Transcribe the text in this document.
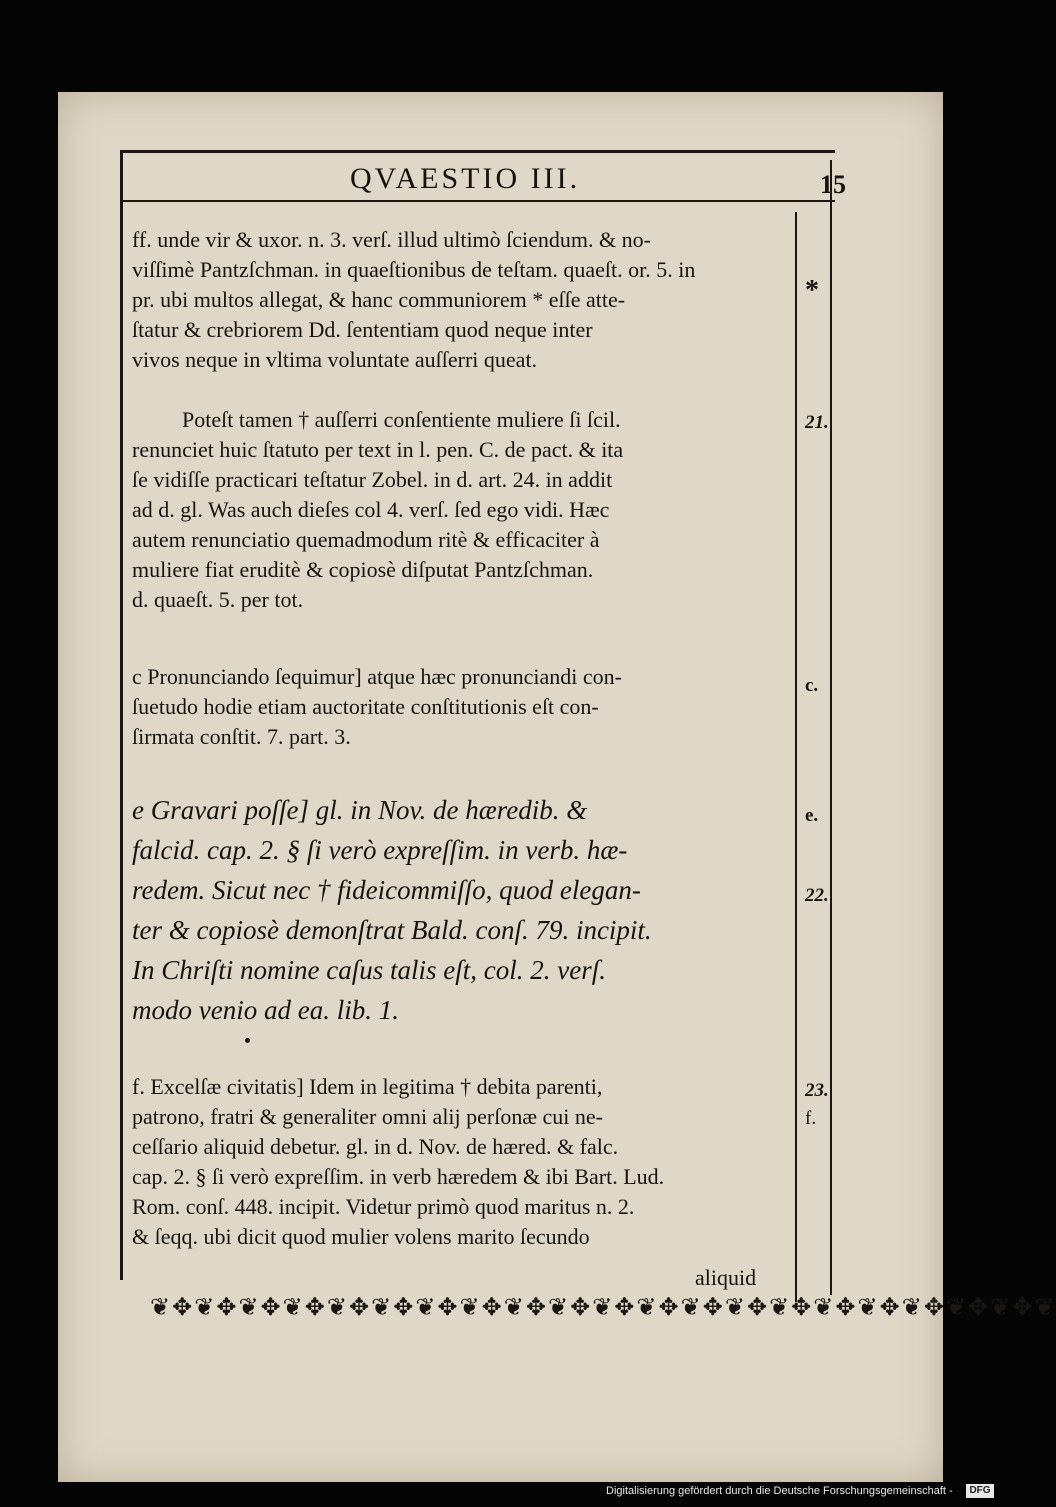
QVAESTIO III.	15
ff. unde vir & uxor. n. 3. verſ. illud ultimò ſciendum. & no-
viſſimè Pantzſchman. in quaeſtionibus de teſtam. quaeſt. or. 5. in
pr. ubi multos allegat, & hanc communiorem * eſſe atte-
ſtatur & crebriorem Dd. ſententiam quod neque inter
vivos neque in vltima voluntate auſſerri queat.
Poteſt tamen † auſſerri conſentiente muliere ſi ſcil.
renunciet huic ſtatuto per text in l. pen. C. de pact. & ita
ſe vidiſſe practicari teſtatur Zobel. in d. art. 24. in addit
ad d. gl. Was auch dieſes col 4. verſ. ſed ego vidi. Hæc
autem renunciatio quemadmodum ritè & efficaciter à
muliere fiat eruditè & copiosè diſputat Pantzſchman.
d. quaeſt. 5. per tot.
c Pronunciando ſequimur] atque hæc pronunciandi con-
ſuetudo hodie etiam auctoritate conſtitutionis eſt con-
ſirmata conſtit. 7. part. 3.
e Gravari poſſe] gl. in Nov. de hæredib. &
falcid. cap. 2. § ſi verò expreſſim. in verb. hæ-
redem. Sicut nec † fideicommiſſo, quod elegan-
ter & copiosè demonſtrat Bald. conſ. 79. incipit.
In Chriſti nomine caſus talis eſt, col. 2. verſ.
modo venio ad ea. lib. 1.
f. Excelſæ civitatis] Idem in legitima † debita parenti,
patrono, fratri & generaliter omni alij perſonæ cui ne-
ceſſario aliquid debetur. gl. in d. Nov. de hæred. & falc.
cap. 2. § ſi verò expreſſim. in verb hæredem & ibi Bart. Lud.
Rom. conſ. 448. incipit. Videtur primò quod maritus n. 2.
& ſeqq. ubi dicit quod mulier volens marito ſecundo
*
21.
c.
e.
22.
23.
f.
aliquid
❦✥❦✥❦✥❦✥❦✥❦✥❦✥❦✥❦✥❦✥❦✥❦✥❦✥❦✥❦✥❦✥❦✥❦✥❦✥❦✥❦
Digitalisierung gefördert durch die Deutsche Forschungsgemeinschaft -	DFG
